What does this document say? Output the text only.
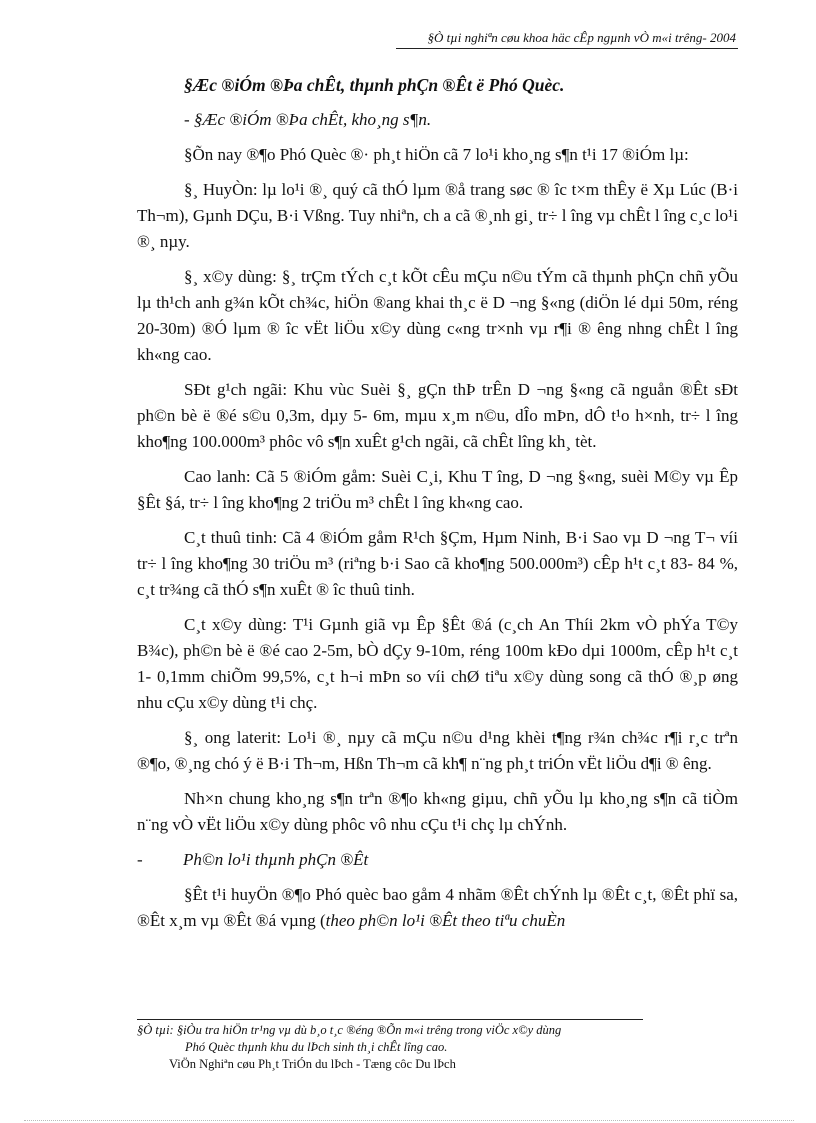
§Ò tµi nghiªn cøu khoa häc cÊp ngµnh vÒ m«i trêng- 2004

§Æc ®iÓm ®Þa chÊt, thµnh phÇn ®Êt ë Phó Quèc.

- §Æc ®iÓm ®Þa chÊt, kho¸ng s¶n.

§Õn nay ®¶o Phó Quèc ®· ph¸t hiÖn cã 7 lo¹i kho¸ng s¶n t¹i 17 ®iÓm lµ:

§¸ HuyÒn: lµ lo¹i ®¸ quý cã thÓ lµm ®å trang søc ® îc t×m thÊy ë Xµ Lúc (B·i Th¬m), Gµnh DÇu, B·i Vßng. Tuy nhiªn, ch a cã ®¸nh gi¸ tr÷ l îng vµ chÊt l îng c¸c lo¹i ®¸ nµy.

§¸ x©y dùng: §¸ trÇm tÝch c¸t kÕt cÊu mÇu n©u tÝm cã thµnh phÇn chñ yÕu lµ th¹ch anh g¾n kÕt ch¾c, hiÖn ®ang khai th¸c ë D ¬ng §«ng (diÖn lé dµi 50m, réng 20-30m) ®Ó lµm ® îc vËt liÖu x©y dùng c«ng tr×nh vµ r¶i ® êng nhng chÊt l îng kh«ng cao.

SÐt g¹ch ngãi: Khu vùc Suèi §¸ gÇn thÞ trÊn D ¬ng §«ng cã nguån ®Êt sÐt ph©n bè ë ®é s©u 0,3m, dµy 5- 6m, mµu x¸m n©u, dÎo mÞn, dÔ t¹o h×nh, tr÷ l îng kho¶ng 100.000m³ phôc vô s¶n xuÊt g¹ch ngãi, cã chÊt lîng kh¸ tèt.

Cao lanh: Cã 5 ®iÓm gåm: Suèi C¸i, Khu T îng, D ¬ng §«ng, suèi M©y vµ Êp §Êt §á, tr÷ l îng kho¶ng 2 triÖu m³ chÊt l îng kh«ng cao.

C¸t thuû tinh: Cã 4 ®iÓm gåm R¹ch §Çm, Hµm Ninh, B·i Sao vµ D ¬ng T¬ víi tr÷ l îng kho¶ng 30 triÖu m³ (riªng b·i Sao cã kho¶ng 500.000m³) cÊp h¹t c¸t 83- 84 %, c¸t tr¾ng cã thÓ s¶n xuÊt ® îc thuû tinh.

C¸t x©y dùng: T¹i Gµnh giã vµ Êp §Êt ®á (c¸ch An Thíi 2km vÒ phÝa T©y B¾c), ph©n bè ë ®é cao 2-5m, bÒ dÇy 9-10m, réng 100m kÐo dµi 1000m, cÊp h¹t c¸t 1- 0,1mm chiÕm 99,5%, c¸t h¬i mÞn so víi chØ tiªu x©y dùng song cã thÓ ®¸p øng nhu cÇu x©y dùng t¹i chç.

§¸ ong laterit: Lo¹i ®¸ nµy cã mÇu n©u d¹ng khèi t¶ng r¾n ch¾c r¶i r¸c trªn ®¶o, ®¸ng chó ý ë B·i Th¬m, Hßn Th¬m cã kh¶ n¨ng ph¸t triÓn vËt liÖu d¶i ® êng.

Nh×n chung kho¸ng s¶n trªn ®¶o kh«ng giµu, chñ yÕu lµ kho¸ng s¶n cã tiÒm n¨ng vÒ vËt liÖu x©y dùng phôc vô nhu cÇu t¹i chç lµ chÝnh.

- Ph©n lo¹i thµnh phÇn ®Êt

§Êt t¹i huyÖn ®¶o Phó quèc bao gåm 4 nhãm ®Êt chÝnh lµ ®Êt c¸t, ®Êt phï sa, ®Êt x¸m vµ ®Êt ®á vµng (theo ph©n lo¹i ®Êt theo tiªu chuÈn

§Ò tµi: §iÒu tra hiÖn tr¹ng vµ dù b¸o t¸c ®éng ®Õn m«i trêng trong viÖc x©y dùng
Phó Quèc thµnh khu du lÞch sinh th¸i chÊt lîng cao.
ViÖn Nghiªn cøu Ph¸t TriÓn du lÞch - Tæng côc Du lÞch
